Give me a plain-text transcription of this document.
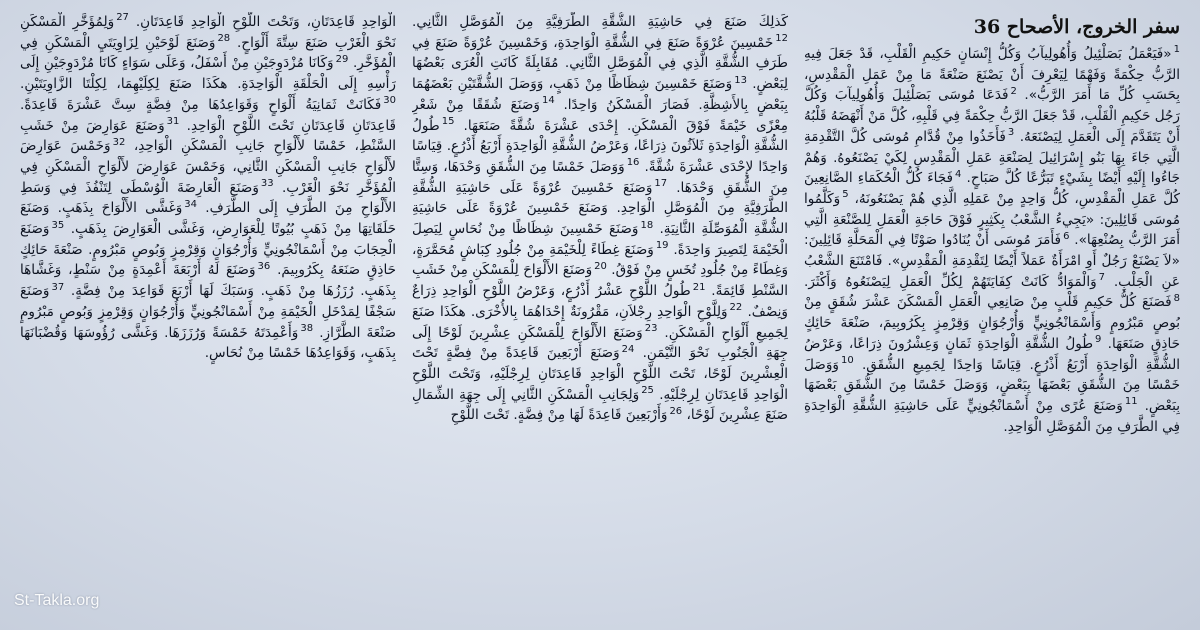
سفر الخروج، الأصحاح 36
$^1$«فَيَعْمَلُ بَصَلْئِيلُ وَأُهُولِيآبُ وَكُلُّ إِنْسَانٍ حَكِيمِ الْقَلْبِ، قَدْ جَعَلَ فِيهِ الرَّبُّ حِكْمَةً وَفَهْمًا لِيَعْرِفَ أَنْ يَصْنَعَ صَنْعَةً مَا مِنْ عَمَلِ الْمَقْدِسِ، بِحَسَبِ كُلِّ مَا أَمَرَ الرَّبُّ». $^2$فَدَعَا مُوسَى بَصَلْئِيلَ وَأُهُولِيآبَ وَكُلَّ رَجُل حَكِيمِ الْقَلْبِ، قَدْ جَعَلَ الرَّبُّ حِكْمَةً فِي قَلْبِهِ، كُلَّ مَنْ أَنْهَضَهُ قَلْبُهُ أَنْ يَتَقَدَّمَ إِلَى الْعَمَلِ لِيَصْنَعَهُ. $^3$فَأَخَذُوا مِنْ قُدَّامِ مُوسَى كُلَّ التَّقْدِمَةِ الَّتِي جَاءَ بِهَا بَنُو إِسْرَائِيلَ لِصَنْعَةِ عَمَلِ الْمَقْدِسِ لِكَيْ يَصْنَعُوهُ. وَهُمْ جَاءُوا إِلَيْهِ أَيْضًا بِشَيْءٍ تَبَرُّعًا كُلَّ صَبَاحٍ. $^4$فَجَاءَ كُلُّ الْحُكَمَاءِ الصَّانِعِينَ كُلَّ عَمَلِ الْمَقْدِسِ، كُلُّ وَاحِدٍ مِنْ عَمَلِهِ الَّذِي هُمْ يَصْنَعُونَهُ، $^5$وَكَلَّمُوا مُوسَى قَائِلِينَ: «يَجِيءُ الشَّعْبُ بِكَثِيرٍ فَوْقَ حَاجَةِ الْعَمَلِ لِلصَّنْعَةِ الَّتِي أَمَرَ الرَّبُّ بِصُنْعِهَا». $^6$فَأَمَرَ مُوسَى أَنْ يُنَادُوا صَوْتًا فِي الْمَحَلَّةِ قَائِلِينَ: «لاَ يَصْنَعْ رَجُلٌ أَوِ امْرَأَةٌ عَمَلاً أَيْضًا لِتَقْدِمَةِ الْمَقْدِسِ». فَامْتَنَعَ الشَّعْبُ عَنِ الْجَلْبِ. $^7$وَالْمَوَادُّ كَانَتْ كِفَايَتَهُمْ لِكُلِّ الْعَمَلِ لِيَصْنَعُوهُ وَأَكْثَرَ. $^8$فَصَنَعَ كُلُّ حَكِيمِ قَلْبٍ مِنْ صَانِعِي الْعَمَلِ الْمَسْكَنَ عَشْرَ شُقَقٍ مِنْ بُوصٍ مَبْرُومٍ وَأَسْمَانْجُونِيٍّ وَأُرْجُوَانٍ وَقِرْمِزٍ بِكَرُوبِيمَ، صَنْعَةَ حَائِكٍ حَاذِقٍ صَنَعَهَا. $^9$طُولُ الشُّقَّةِ الْوَاحِدَةِ ثَمَانٍ وَعِشْرُونَ ذِرَاعًا، وَعَرْضُ الشُّقَّةِ الْوَاحِدَةِ أَرْبَعُ أَذْرُعٍ. قِيَاسًا وَاحِدًا لِجَمِيعِ الشُّقَقِ. $^{10}$وَوَصَلَ خَمْسًا مِنَ الشُّقَقِ بَعْضَهَا بِبَعْضٍ، وَوَصَلَ خَمْسًا مِنَ الشُّقَقِ بَعْضَهَا بِبَعْضٍ. $^{11}$وَصَنَعَ عُرًى مِنْ أَسْمَانْجُونِيٍّ عَلَى حَاشِيَةِ الشُّقَّةِ الْوَاحِدَةِ فِي الطَّرَفِ مِنَ الْمُوَصَّلِ الْوَاحِدِ.
كَذلِكَ صَنَعَ فِي حَاشِيَةِ الشُّقَّةِ الطَّرَفِيَّةِ مِنَ الْمُوَصَّلِ الثَّانِي. $^{12}$خَمْسِينَ عُرْوَةً صَنَعَ فِي الشُّقَّةِ الْوَاحِدَةِ، وَخَمْسِينَ عُرْوَةً صَنَعَ فِي طَرَفِ الشُّقَّةِ الَّذِي فِي الْمُوَصَّلِ الثَّانِي. مُقَابِلَةً كَانَتِ الْعُرَى بَعْضُهَا لِبَعْضٍ. $^{13}$وَصَنَعَ خَمْسِينَ شِظَاظًا مِنْ ذَهَبٍ، وَوَصَلَ الشُّقَّتَيْنِ بَعْضَهُمَا بِبَعْضٍ بِالأَشِظَّةِ. فَصَارَ الْمَسْكَنُ وَاحِدًا. $^{14}$وَصَنَعَ شُقَقًا مِنْ شَعْرِ مِعْزًى خَيْمَةً فَوْقَ الْمَسْكَنِ. إِحْدَى عَشْرَةَ شُقَّةً صَنَعَهَا. $^{15}$طُولُ الشُّقَّةِ الْوَاحِدَةِ ثَلاَثُونَ ذِرَاعًا، وَعَرْضُ الشُّقَّةِ الْوَاحِدَةِ أَرْبَعُ أَذْرُعٍ. قِيَاسًا وَاحِدًا لإِحْدَى عَشْرَةَ شُقَّةً. $^{16}$وَوَصَلَ خَمْسًا مِنَ الشُّقَقِ وَحْدَهَا، وَسِتًّا مِنَ الشُّقَقِ وَحْدَهَا. $^{17}$وَصَنَعَ خَمْسِينَ عُرْوَةً عَلَى حَاشِيَةِ الشُّقَّةِ الطَّرَفِيَّةِ مِنَ الْمُوَصَّلِ الْوَاحِدِ. وَصَنَعَ خَمْسِينَ عُرْوَةً عَلَى حَاشِيَةِ الشُّقَّةِ الْمُوَصِّلَةِ الثَّانِيَةِ. $^{18}$وَصَنَعَ خَمْسِينَ شِظَاظًا مِنْ نُحَاسٍ لِيَصِلَ الْخَيْمَةَ لِتَصِيرَ وَاحِدَةً. $^{19}$وَصَنَعَ غِطَاءً لِلْخَيْمَةِ مِنْ جُلُودِ كِبَاشٍ مُحَمَّرَةٍ، وَغِطَاءً مِنْ جُلُودِ تُخَسٍ مِنْ فَوْقُ. $^{20}$وَصَنَعَ الأَلْوَاحَ لِلْمَسْكَنِ مِنْ خَشَبِ السَّنْطِ قَائِمَةً. $^{21}$طُولُ اللَّوْحِ عَشْرُ أَذْرُعٍ، وَعَرْضُ اللَّوْحِ الْوَاحِدِ ذِرَاعٌ وَنِصْفٌ. $^{22}$وَلِلَّوْحِ الْوَاحِدِ رِجْلاَنِ، مَقْرُونَةٌ إِحْدَاهُمَا بِالأُخْرَى. هكَذَا صَنَعَ لِجَمِيعِ أَلْوَاحِ الْمَسْكَنِ. $^{23}$وَصَنَعَ الأَلْوَاحَ لِلْمَسْكَنِ عِشْرِينَ لَوْحًا إِلَى جِهَةِ الْجَنُوبِ نَحْوَ التَّيْمَنِ. $^{24}$وَصَنَعَ أَرْبَعِينَ قَاعِدَةً مِنْ فِضَّةٍ تَحْتَ الْعِشْرِينَ لَوْحًا، تَحْتَ اللَّوْحِ الْوَاحِدِ قَاعِدَتَانِ لِرِجْلَيْهِ، وَتَحْتَ اللَّوْحِ الْوَاحِدِ قَاعِدَتَانِ لِرِجْلَيْهِ. $^{25}$وَلِجَانِبِ الْمَسْكَنِ الثَّانِي إِلَى جِهَةِ الشِّمَالِ صَنَعَ عِشْرِينَ لَوْحًا، $^{26}$وَأَرْبَعِينَ قَاعِدَةً لَهَا مِنْ فِضَّةٍ. تَحْتَ اللَّوْحِ
الْوَاحِدِ قَاعِدَتَانِ، وَتَحْتَ اللَّوْحِ الْوَاحِدِ قَاعِدَتَانِ. $^{27}$وَلِمُؤَخَّرِ الْمَسْكَنِ نَحْوَ الْغَرْبِ صَنَعَ سِتَّةَ أَلْوَاحٍ. $^{28}$وَصَنَعَ لَوْحَيْنِ لِزَاوِيَتَيِ الْمَسْكَنِ فِي الْمُؤَخَّرِ. $^{29}$وَكَانَا مُزْدَوِجَيْنِ مِنْ أَسْفَلُ، وَعَلَى سَوَاءٍ كَانَا مُزْدَوِجَيْنِ إِلَى رَأْسِهِ إِلَى الْحَلْقَةِ الْوَاحِدَةِ. هكَذَا صَنَعَ لِكِلَيْهِمَا، لِكِلْتَا الزَّاوِيَتَيْنِ. $^{30}$فَكَانَتْ ثَمَانِيَةُ أَلْوَاحٍ وَقَوَاعِدُهَا مِنْ فِضَّةٍ سِتَّ عَشْرَةَ قَاعِدَةً. قَاعِدَتَانِ قَاعِدَتَانِ تَحْتَ اللَّوْحِ الْوَاحِدِ. $^{31}$وَصَنَعَ عَوَارِضَ مِنْ خَشَبِ السَّنْطِ، خَمْسًا لأَلْوَاحِ جَانِبِ الْمَسْكَنِ الْوَاحِدِ، $^{32}$وَخَمْسَ عَوَارِضَ لأَلْوَاحِ جَانِبِ الْمَسْكَنِ الثَّانِي، وَخَمْسَ عَوَارِضَ لأَلْوَاحِ الْمَسْكَنِ فِي الْمُؤَخَّرِ نَحْوَ الْغَرْبِ. $^{33}$وَصَنَعَ الْعَارِضَةَ الْوُسْطَى لِتَنْفُذَ فِي وَسَطِ الأَلْوَاحِ مِنَ الطَّرَفِ إِلَى الطَّرَفِ. $^{34}$وَغَشَّى الأَلْوَاحَ بِذَهَبٍ. وَصَنَعَ حَلَقَاتِهَا مِنْ ذَهَبٍ بُيُوتًا لِلْعَوَارِضِ، وَغَشَّى الْعَوَارِضَ بِذَهَبٍ. $^{35}$وَصَنَعَ الْحِجَابَ مِنْ أَسْمَانْجُونِيٍّ وَأُرْجُوَانٍ وَقِرْمِزٍ وَبُوصٍ مَبْرُومٍ. صَنْعَةَ حَائِكٍ حَاذِقٍ صَنَعَهُ بِكَرُوبِيمَ. $^{36}$وَصَنَعَ لَهُ أَرْبَعَةَ أَعْمِدَةٍ مِنْ سَنْطٍ، وَغَشَّاهَا بِذَهَبٍ. رُزَزُهَا مِنْ ذَهَبٍ. وَسَبَكَ لَهَا أَرْبَعَ قَوَاعِدَ مِنْ فِضَّةٍ. $^{37}$وَصَنَعَ سَجْفًا لِمَدْخَلِ الْخَيْمَةِ مِنْ أَسْمَانْجُونِيٍّ وَأُرْجُوَانٍ وَقِرْمِزٍ وَبُوصٍ مَبْرُومٍ صَنْعَةَ الطَّرَّازِ. $^{38}$وَأَعْمِدَتَهُ خَمْسَةً وَرُزَزَهَا. وَغَشَّى رُؤُوسَهَا وَقُضْبَانَهَا بِذَهَبٍ، وَقَوَاعِدُهَا خَمْسًا مِنْ نُحَاسٍ.
St-Takla.org
